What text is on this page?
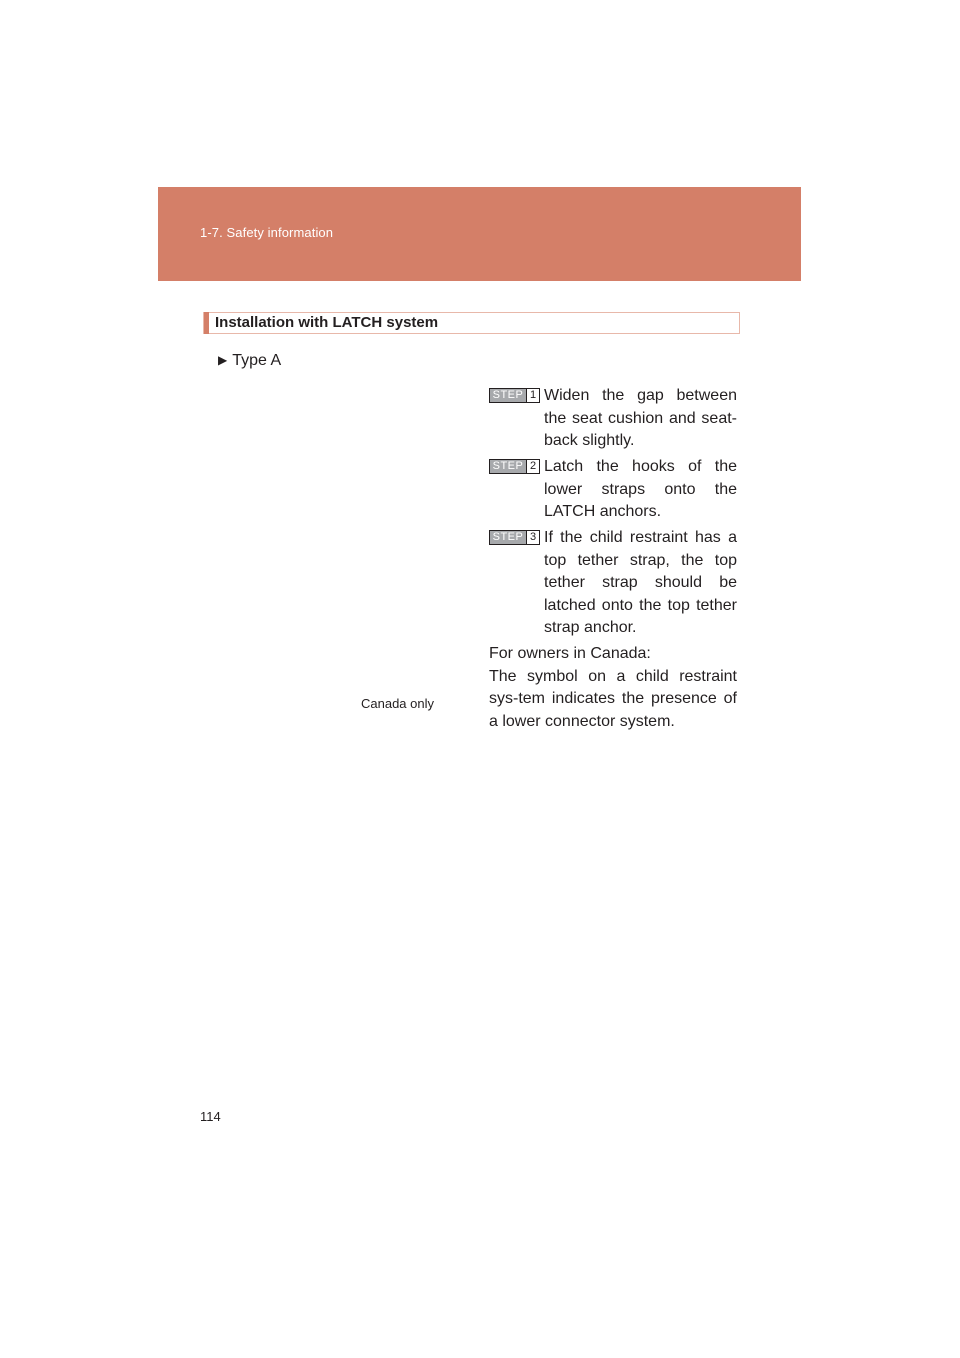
1-7. Safety information
Installation with LATCH system
▶ Type A
STEP 1 Widen the gap between the seat cushion and seat-back slightly.
STEP 2 Latch the hooks of the lower straps onto the LATCH anchors.
STEP 3 If the child restraint has a top tether strap, the top tether strap should be latched onto the top tether strap anchor.
For owners in Canada:
The symbol on a child restraint sys-tem indicates the presence of a lower connector system.
Canada only
114
